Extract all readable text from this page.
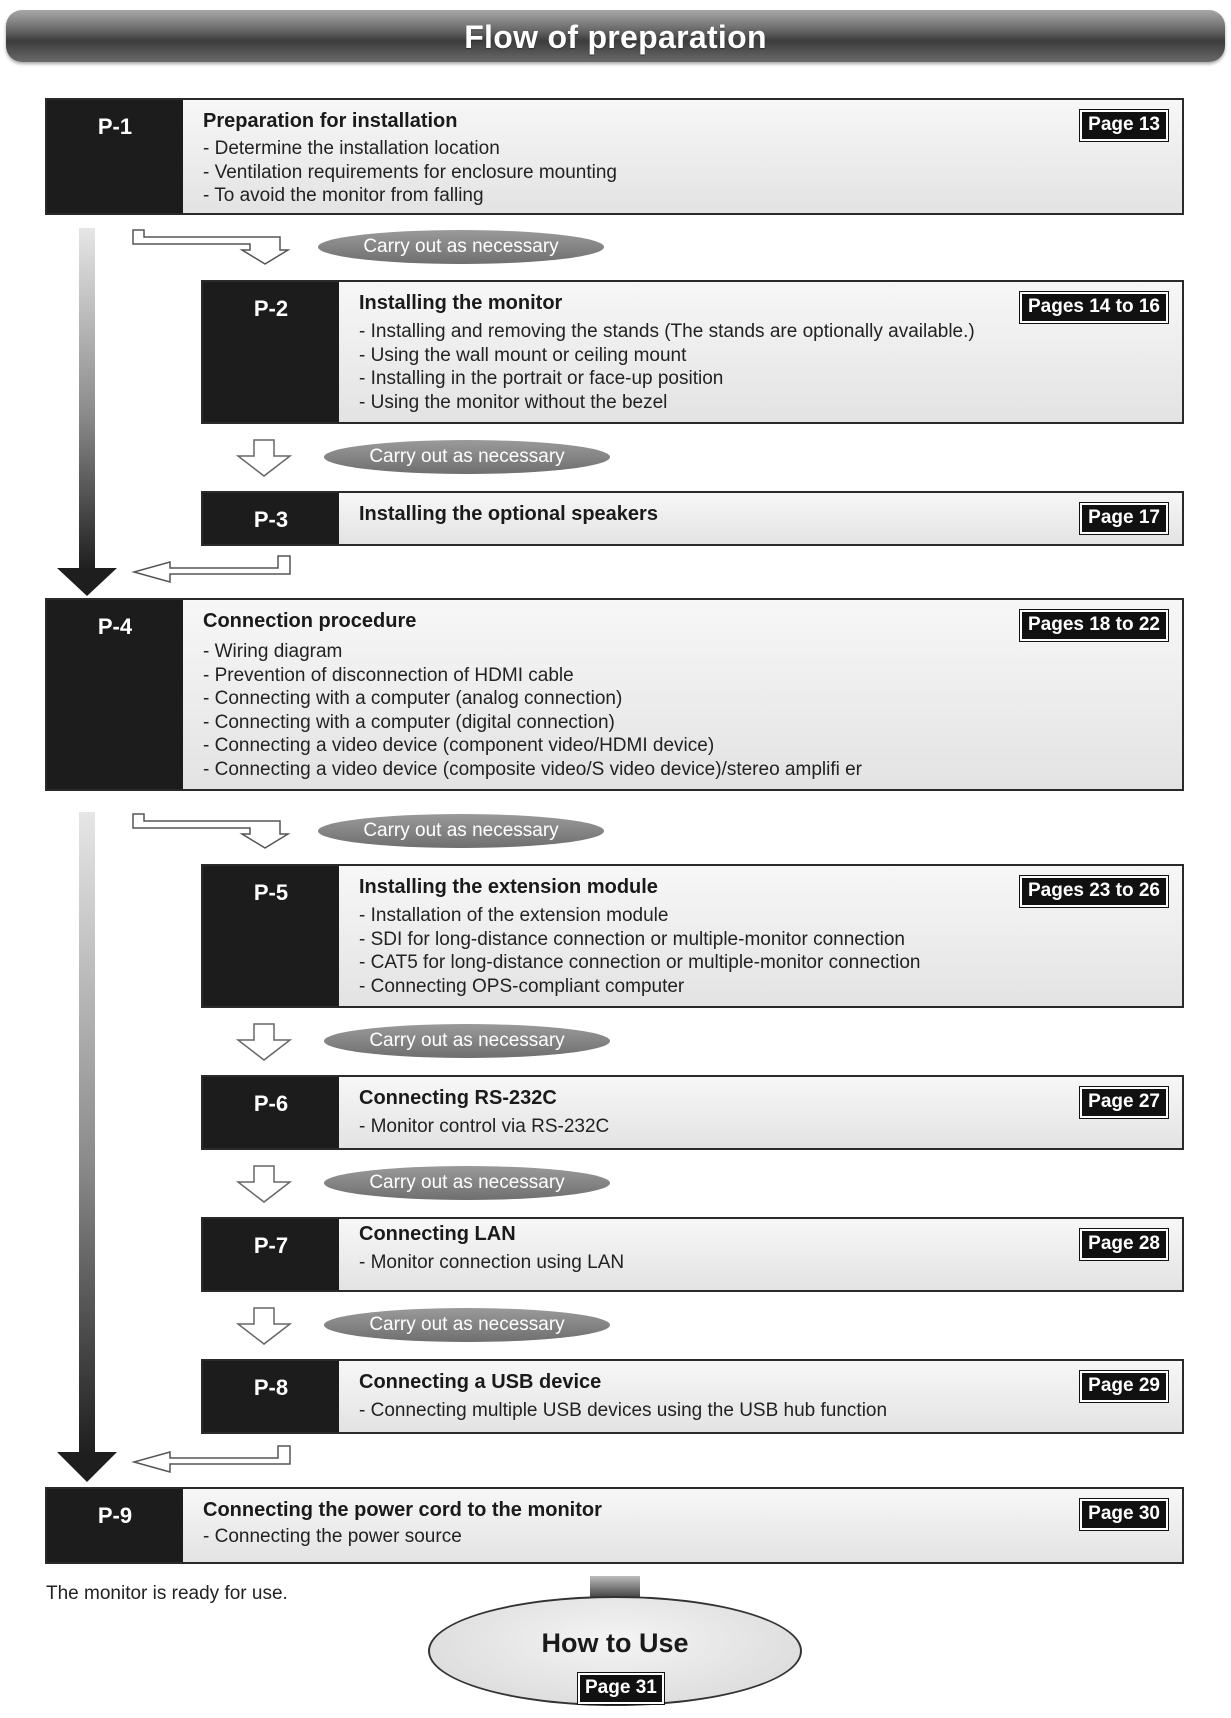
Flow of preparation
Carry out as necessary
Carry out as necessary
Carry out as necessary
Carry out as necessary
Carry out as necessary
Carry out as necessary
P-1	Preparation for installation
- Determine the installation location
- Ventilation requirements for enclosure mounting
- To avoid the monitor from falling
Page 13
P-2	Installing the monitor
- Installing and removing the stands (The stands are optionally available.)
- Using the wall mount or ceiling mount
- Installing in the portrait or face-up position
- Using the monitor without the bezel
Pages 14 to 16
P-3	Installing the optional speakers	Page 17
P-4	Connection procedure
- Wiring diagram
- Prevention of disconnection of HDMI cable
- Connecting with a computer (analog connection)
- Connecting with a computer (digital connection)
- Connecting a video device (component video/HDMI device)
- Connecting a video device (composite video/S video device)/stereo amplifi er
Pages 18 to 22
P-5	Installing the extension module
- Installation of the extension module
- SDI for long-distance connection or multiple-monitor connection
- CAT5 for long-distance connection or multiple-monitor connection
- Connecting OPS-compliant computer
Pages 23 to 26
P-6	Connecting RS-232C
- Monitor control via RS-232C
Page 27
P-7	Connecting LAN
- Monitor connection using LAN
Page 28
P-8	Connecting a USB device
- Connecting multiple USB devices using the USB hub function
Page 29
P-9	Connecting the power cord to the monitor
- Connecting the power source
Page 30
The monitor is ready for use.
How to Use
Page 31
